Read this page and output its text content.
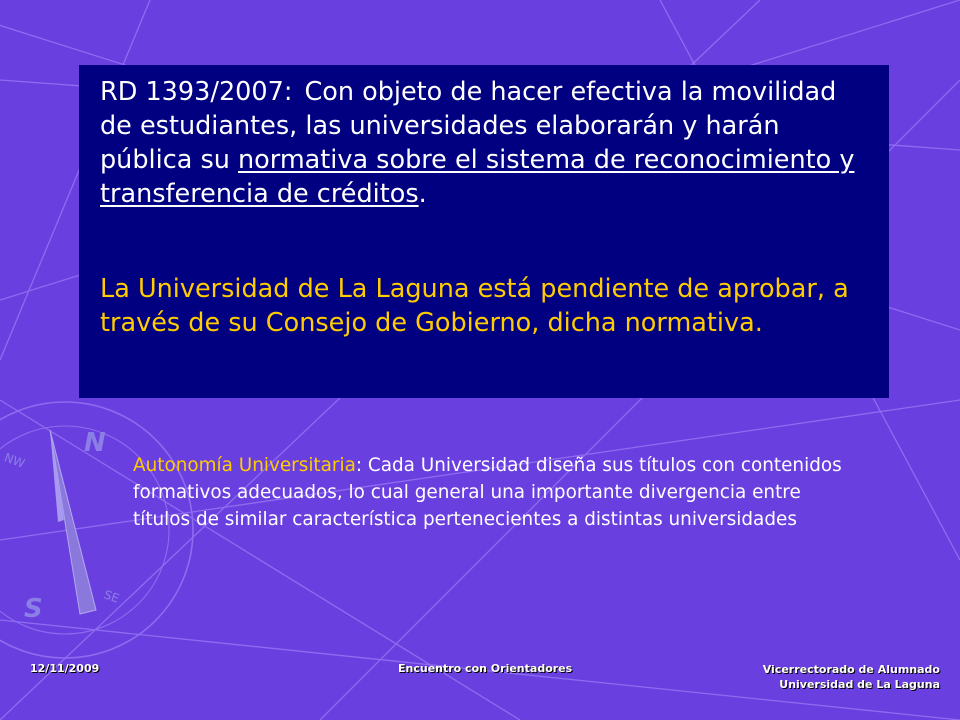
N
S
NW
SE

RD 1393/2007: Con objeto de hacer efectiva la movilidad de estudiantes, las universidades elaborarán y harán pública su normativa sobre el sistema de reconocimiento y transferencia de créditos.

La Universidad de La Laguna está pendiente de aprobar, a través de su Consejo de Gobierno, dicha normativa.

Autonomía Universitaria: Cada Universidad diseña sus títulos con contenidos formativos adecuados, lo cual general una importante divergencia entre títulos de similar característica pertenecientes a distintas universidades

12/11/2009	Encuentro con Orientadores	Vicerrectorado de Alumnado
Universidad de La Laguna
